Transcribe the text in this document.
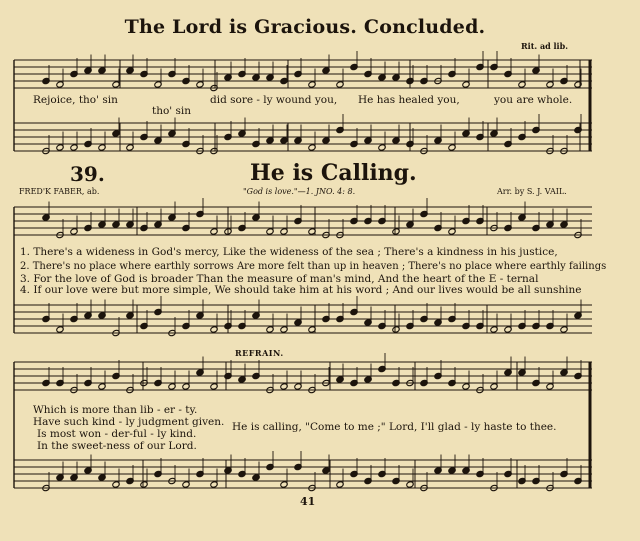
The Lord is Gracious. Concluded.
Rit. ad lib.
Rejoice, tho' sin
tho' sin
did sore - ly wound you, He has healed you,	you are whole.
39.	He is Calling.
FRED'K FABER, ab.	"God is love."—1. JNO. 4: 8.	Arr. by S. J. VAIL.
1. There's a wideness in God's mercy, Like the wideness of the sea ; There's a kindness in his justice,
2. There's no place where earthly sorrows Are more felt than up in heaven ; There's no place where earthly failings
3. For the love of God is broader Than the measure of man's mind, And the heart of the E - ternal
4. If our love were but more simple, We should take him at his word ; And our lives would be all sunshine
REFRAIN.
Which is more than lib - er - ty.
Have such kind - ly judgment given.
Is most won - der-ful - ly kind.
In the sweet-ness of our Lord.
He is calling, "Come to me ;" Lord, I'll glad - ly haste to thee.
41
